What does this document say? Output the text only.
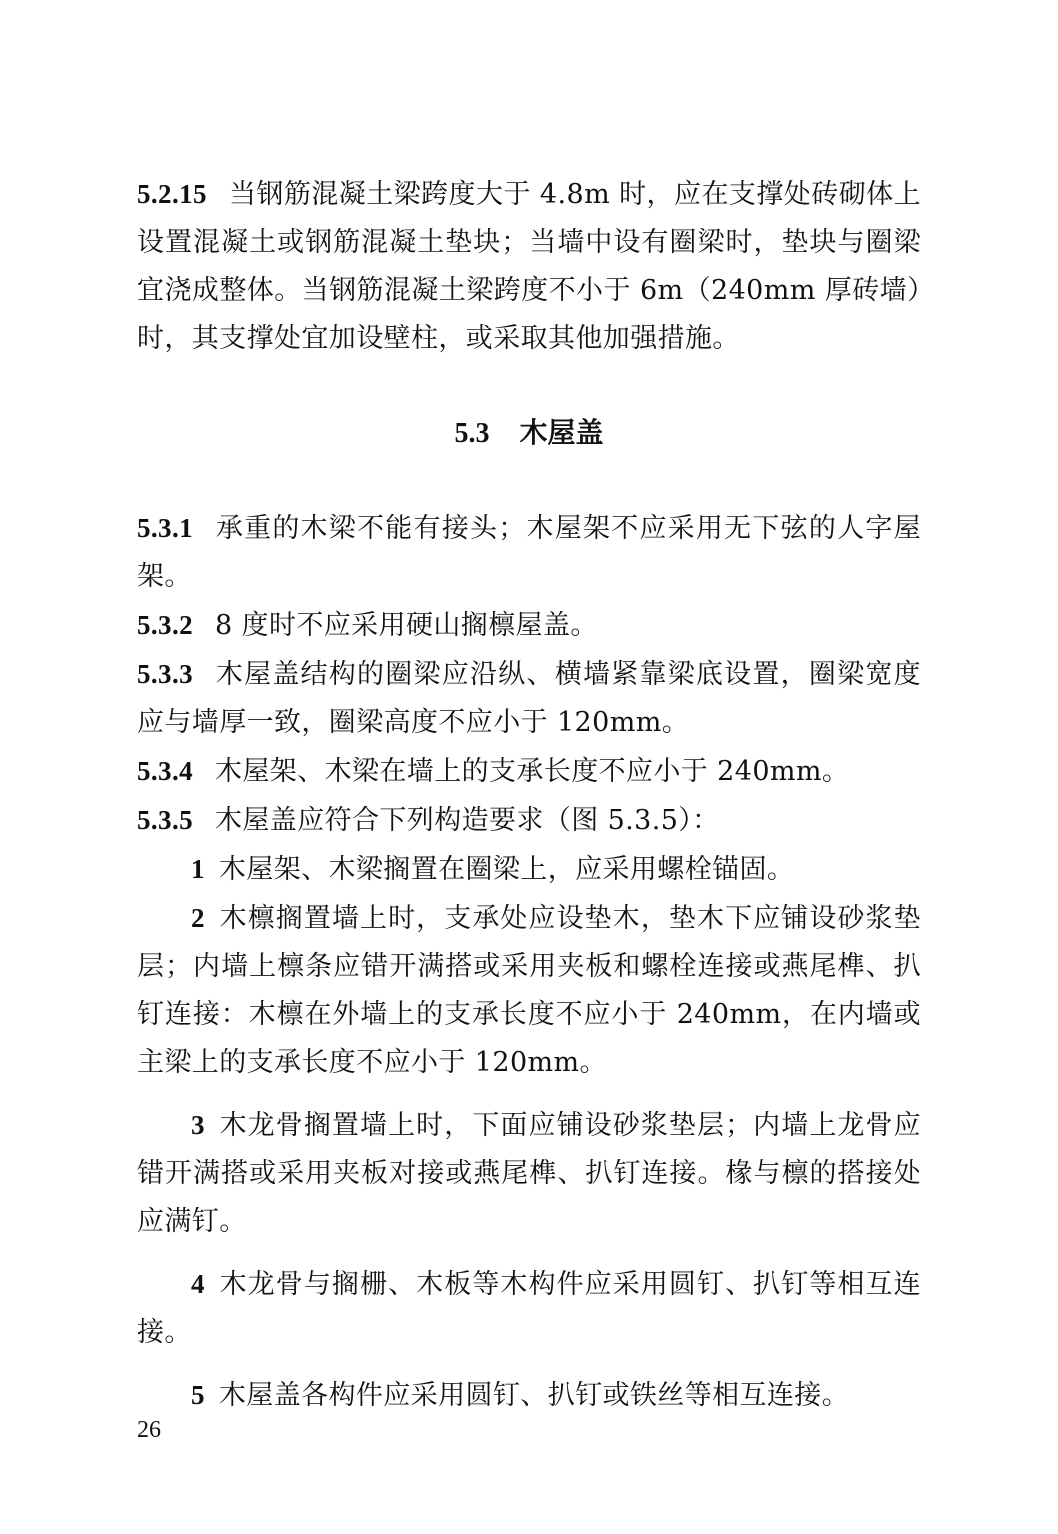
5.2.15 当钢筋混凝土梁跨度大于 4.8m 时，应在支撑处砖砌体上设置混凝土或钢筋混凝土垫块；当墙中设有圈梁时，垫块与圈梁宜浇成整体。当钢筋混凝土梁跨度不小于 6m（240mm 厚砖墙）时，其支撑处宜加设壁柱，或采取其他加强措施。

5.3 木屋盖

5.3.1 承重的木梁不能有接头；木屋架不应采用无下弦的人字屋架。

5.3.2 8 度时不应采用硬山搁檩屋盖。

5.3.3 木屋盖结构的圈梁应沿纵、横墙紧靠梁底设置，圈梁宽度应与墙厚一致，圈梁高度不应小于 120mm。

5.3.4 木屋架、木梁在墙上的支承长度不应小于 240mm。

5.3.5 木屋盖应符合下列构造要求（图 5.3.5）：

1 木屋架、木梁搁置在圈梁上，应采用螺栓锚固。

2 木檩搁置墙上时，支承处应设垫木，垫木下应铺设砂浆垫层；内墙上檩条应错开满搭或采用夹板和螺栓连接或燕尾榫、扒钉连接：木檩在外墙上的支承长度不应小于 240mm，在内墙或主梁上的支承长度不应小于 120mm。

3 木龙骨搁置墙上时，下面应铺设砂浆垫层；内墙上龙骨应错开满搭或采用夹板对接或燕尾榫、扒钉连接。椽与檩的搭接处应满钉。

4 木龙骨与搁栅、木板等木构件应采用圆钉、扒钉等相互连接。

5 木屋盖各构件应采用圆钉、扒钉或铁丝等相互连接。

26
